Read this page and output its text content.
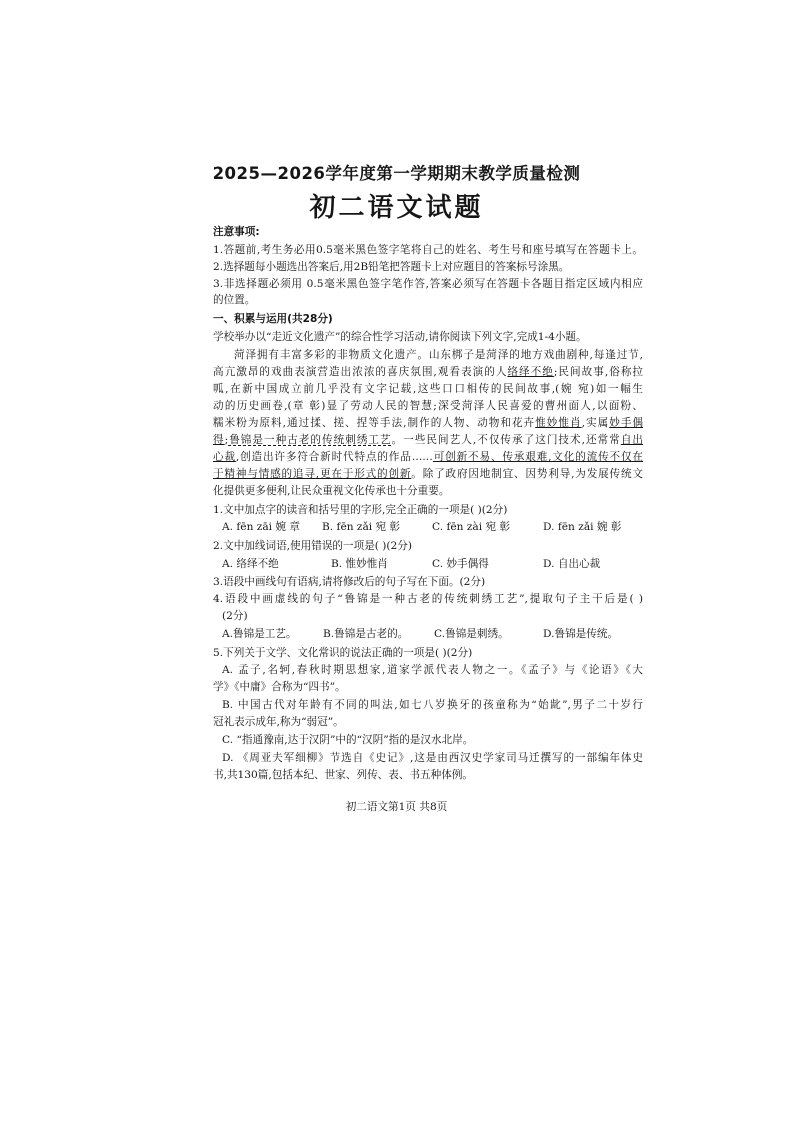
2025—2026学年度第一学期期末教学质量检测
初二语文试题
注意事项:
1.答题前,考生务必用0.5毫米黑色签字笔将自己的姓名、考生号和座号填写在答题卡上。
2.选择题每小题选出答案后,用2B铅笔把答题卡上对应题目的答案标号涂黑。
3.非选择题必须用 0.5毫米黑色签字笔作答,答案必须写在答题卡各题目指定区域内相应
的位置。
一、积累与运用(共28分)
学校举办以“走近文化遗产”的综合性学习活动,请你阅读下列文字,完成1-4小题。
菏泽拥有丰富多彩的非物质文化遗产。山东梆子是菏泽的地方戏曲剧种,每逢过节,
高亢激昂的戏曲表演营造出浓浓的喜庆氛围,观看表演的人络绎不绝;民间故事,俗称拉
呱,在新中国成立前几乎没有文字记载,这些口口相传的民间故事,(婉 宛)如一幅生
动的历史画卷,(章 彰)显了劳动人民的智慧;深受菏泽人民喜爱的曹州面人,以面粉、
糯米粉为原料,通过揉、搓、捏等手法,制作的人物、动物和花卉惟妙惟肖,实属妙手偶
得;鲁锦是一种古老的传统刺绣工艺。一些民间艺人,不仅传承了这门技术,还常常自出
心裁,创造出许多符合新时代特点的作品……可创新不易、传承艰难,文化的流传不仅在
于精神与情感的追寻,更在于形式的创新。除了政府因地制宜、因势利导,为发展传统文
化提供更多便利,让民众重视文化传承也十分重要。
1.文中加点字的读音和括号里的字形,完全正确的一项是( )(2分)
A. fēn zāi 婉 章 B. fēn zǎi 宛 彰	C. fēn zài 宛 彰	D. fēn zǎi 婉 彰
2.文中加线词语,使用错误的一项是( )(2分)
A. 络绎不绝	B. 惟妙惟肖	C. 妙手偶得	D. 自出心裁
3.语段中画线句有语病,请将修改后的句子写在下面。(2分)
4.语段中画虚线的句子“鲁锦是一种古老的传统刺绣工艺”,提取句子主干后是( )
(2分)
A.鲁锦是工艺。 B.鲁锦是古老的。 C.鲁锦是刺绣。	D.鲁锦是传统。
5.下列关于文学、文化常识的说法正确的一项是( )(2分)
A. 孟子,名轲,春秋时期思想家,道家学派代表人物之一。《孟子》与《论语》《大
学》《中庸》合称为“四书”。
B. 中国古代对年龄有不同的叫法,如七八岁换牙的孩童称为“始龀”,男子二十岁行
冠礼表示成年,称为“弱冠”。
C. “指通豫南,达于汉阴”中的“汉阴”指的是汉水北岸。
D. 《周亚夫军细柳》节选自《史记》,这是由西汉史学家司马迁撰写的一部编年体史
书,共130篇,包括本纪、世家、列传、表、书五种体例。
初二语文第1页 共8页
